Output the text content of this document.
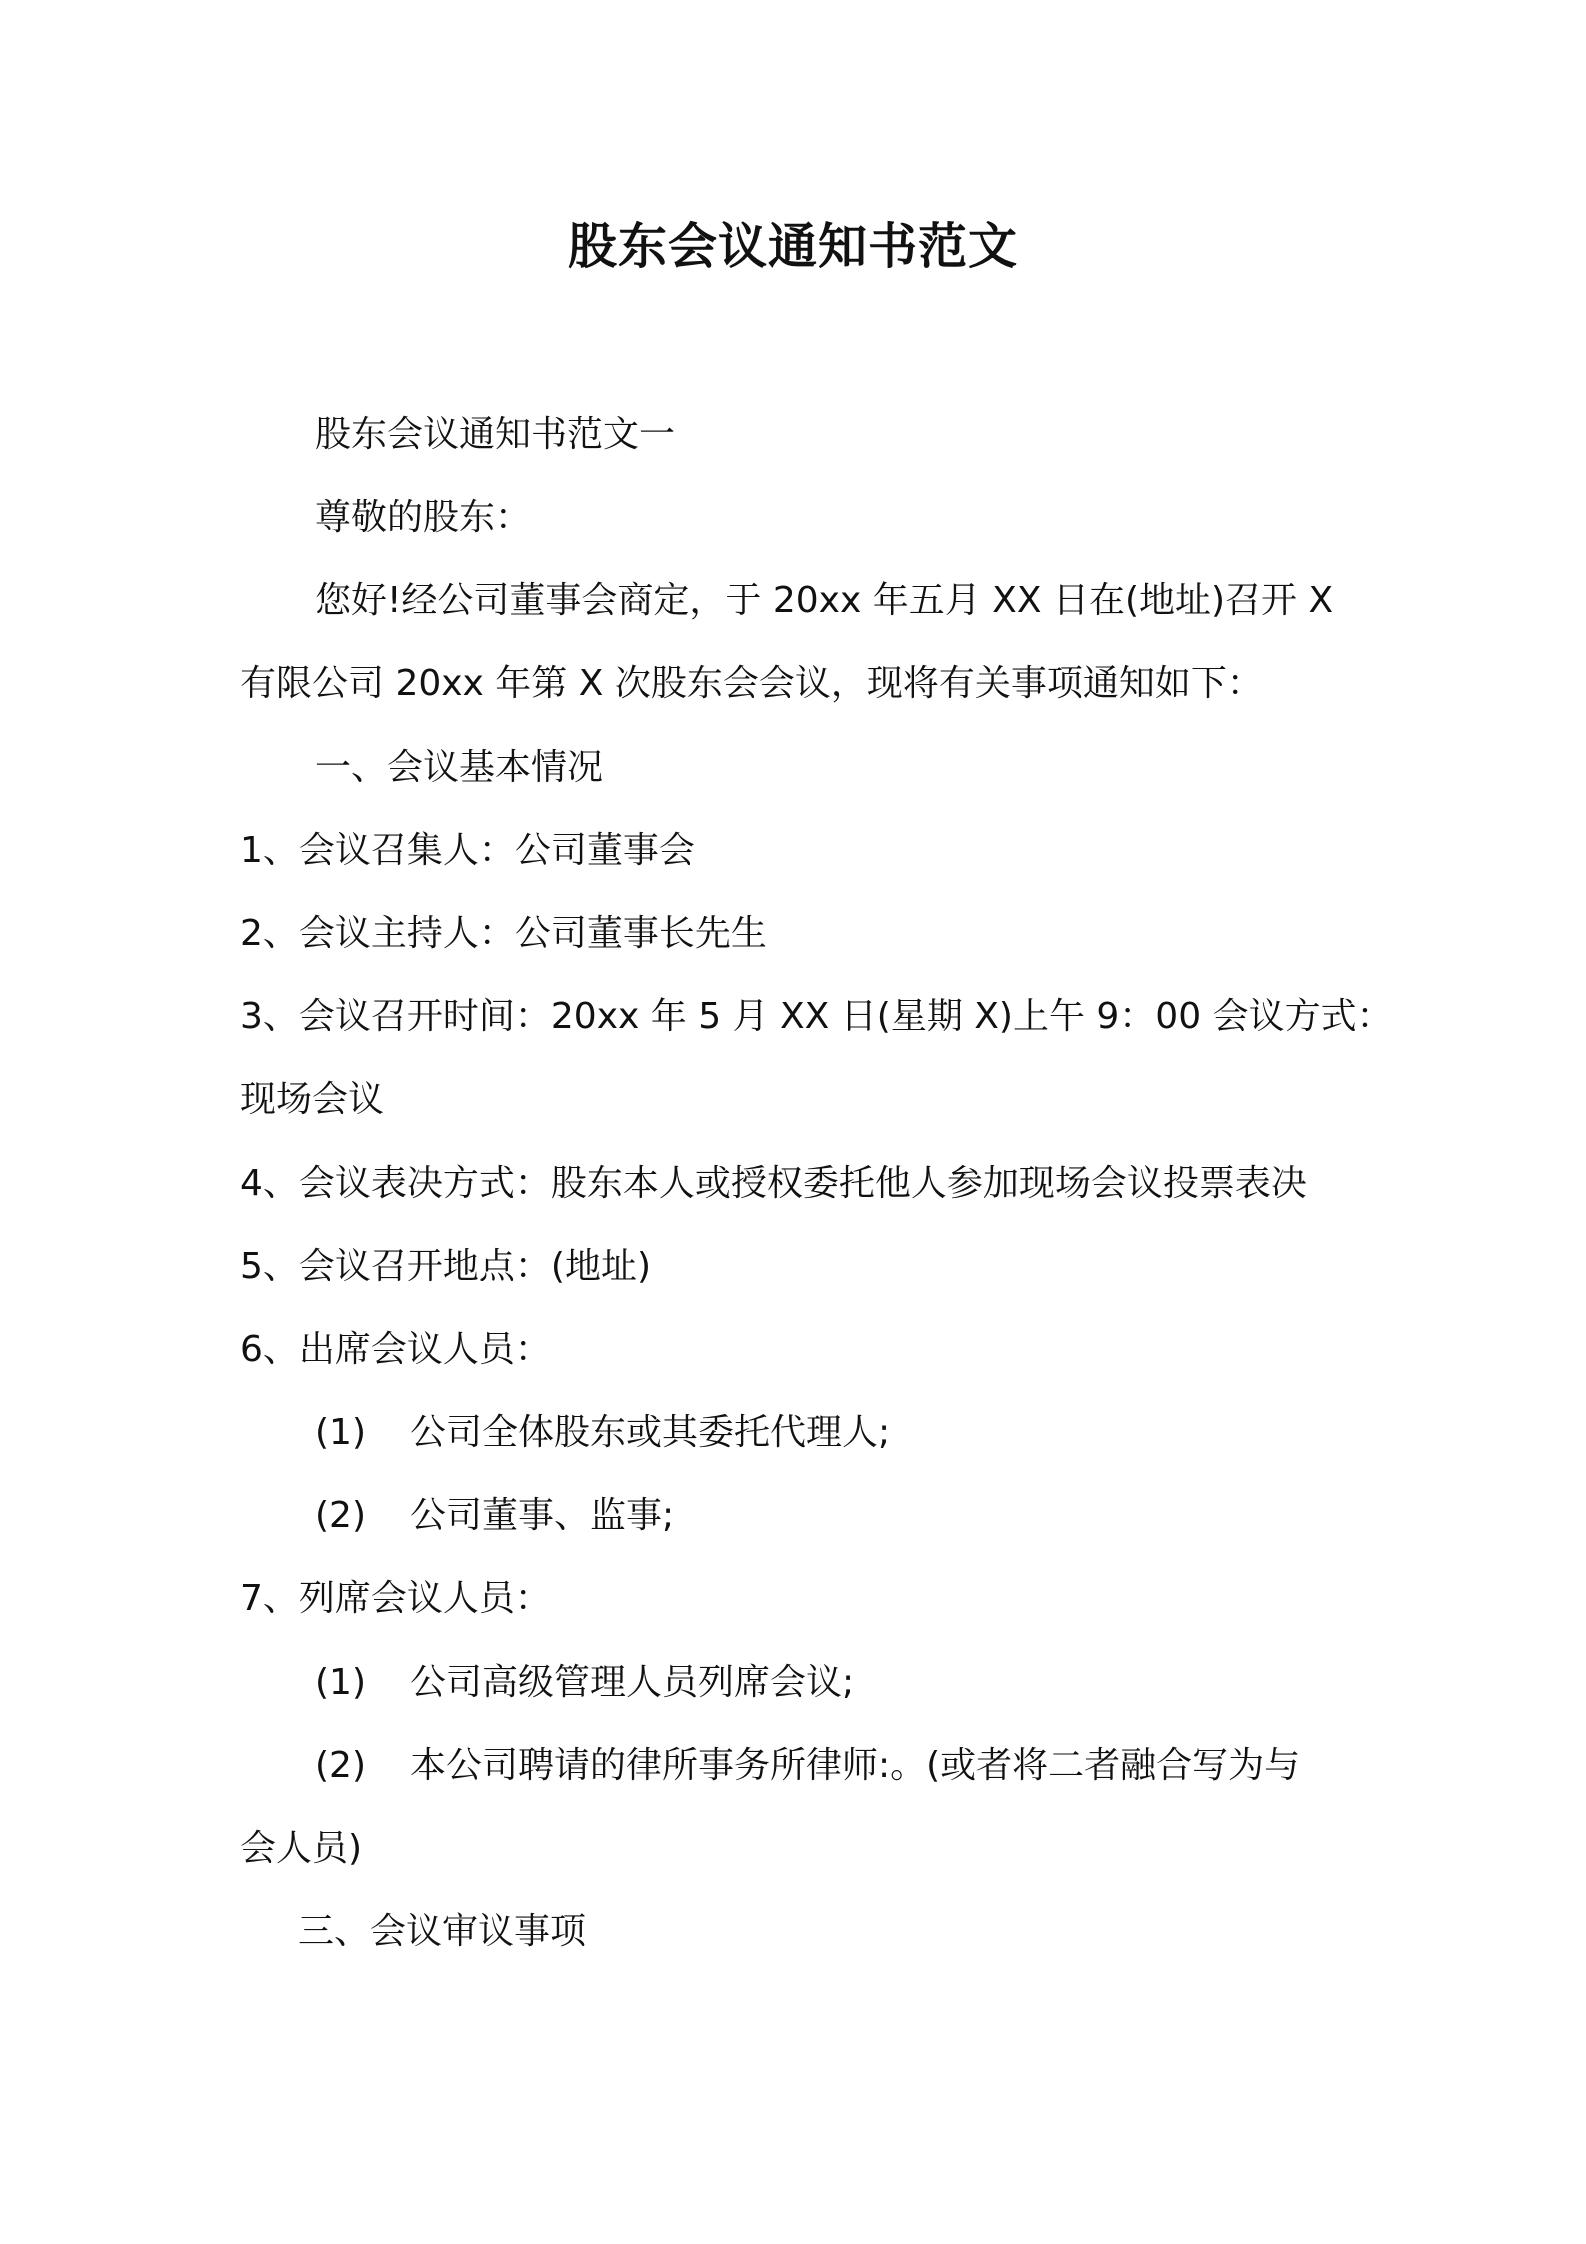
股东会议通知书范文

股东会议通知书范文一

尊敬的股东：

您好!经公司董事会商定，于 20xx 年五月 XX 日在(地址)召开 X

有限公司 20xx 年第 X 次股东会会议，现将有关事项通知如下：

一、会议基本情况

1、会议召集人：公司董事会

2、会议主持人：公司董事长先生

3、会议召开时间：20xx 年 5 月 XX 日(星期 X)上午 9：00 会议方式：

现场会议

4、会议表决方式：股东本人或授权委托他人参加现场会议投票表决

5、会议召开地点：(地址)

6、出席会议人员：

(1) 公司全体股东或其委托代理人;

(2) 公司董事、监事;

7、列席会议人员：

(1) 公司高级管理人员列席会议;

(2) 本公司聘请的律所事务所律师:。(或者将二者融合写为与

会人员)

三、会议审议事项
